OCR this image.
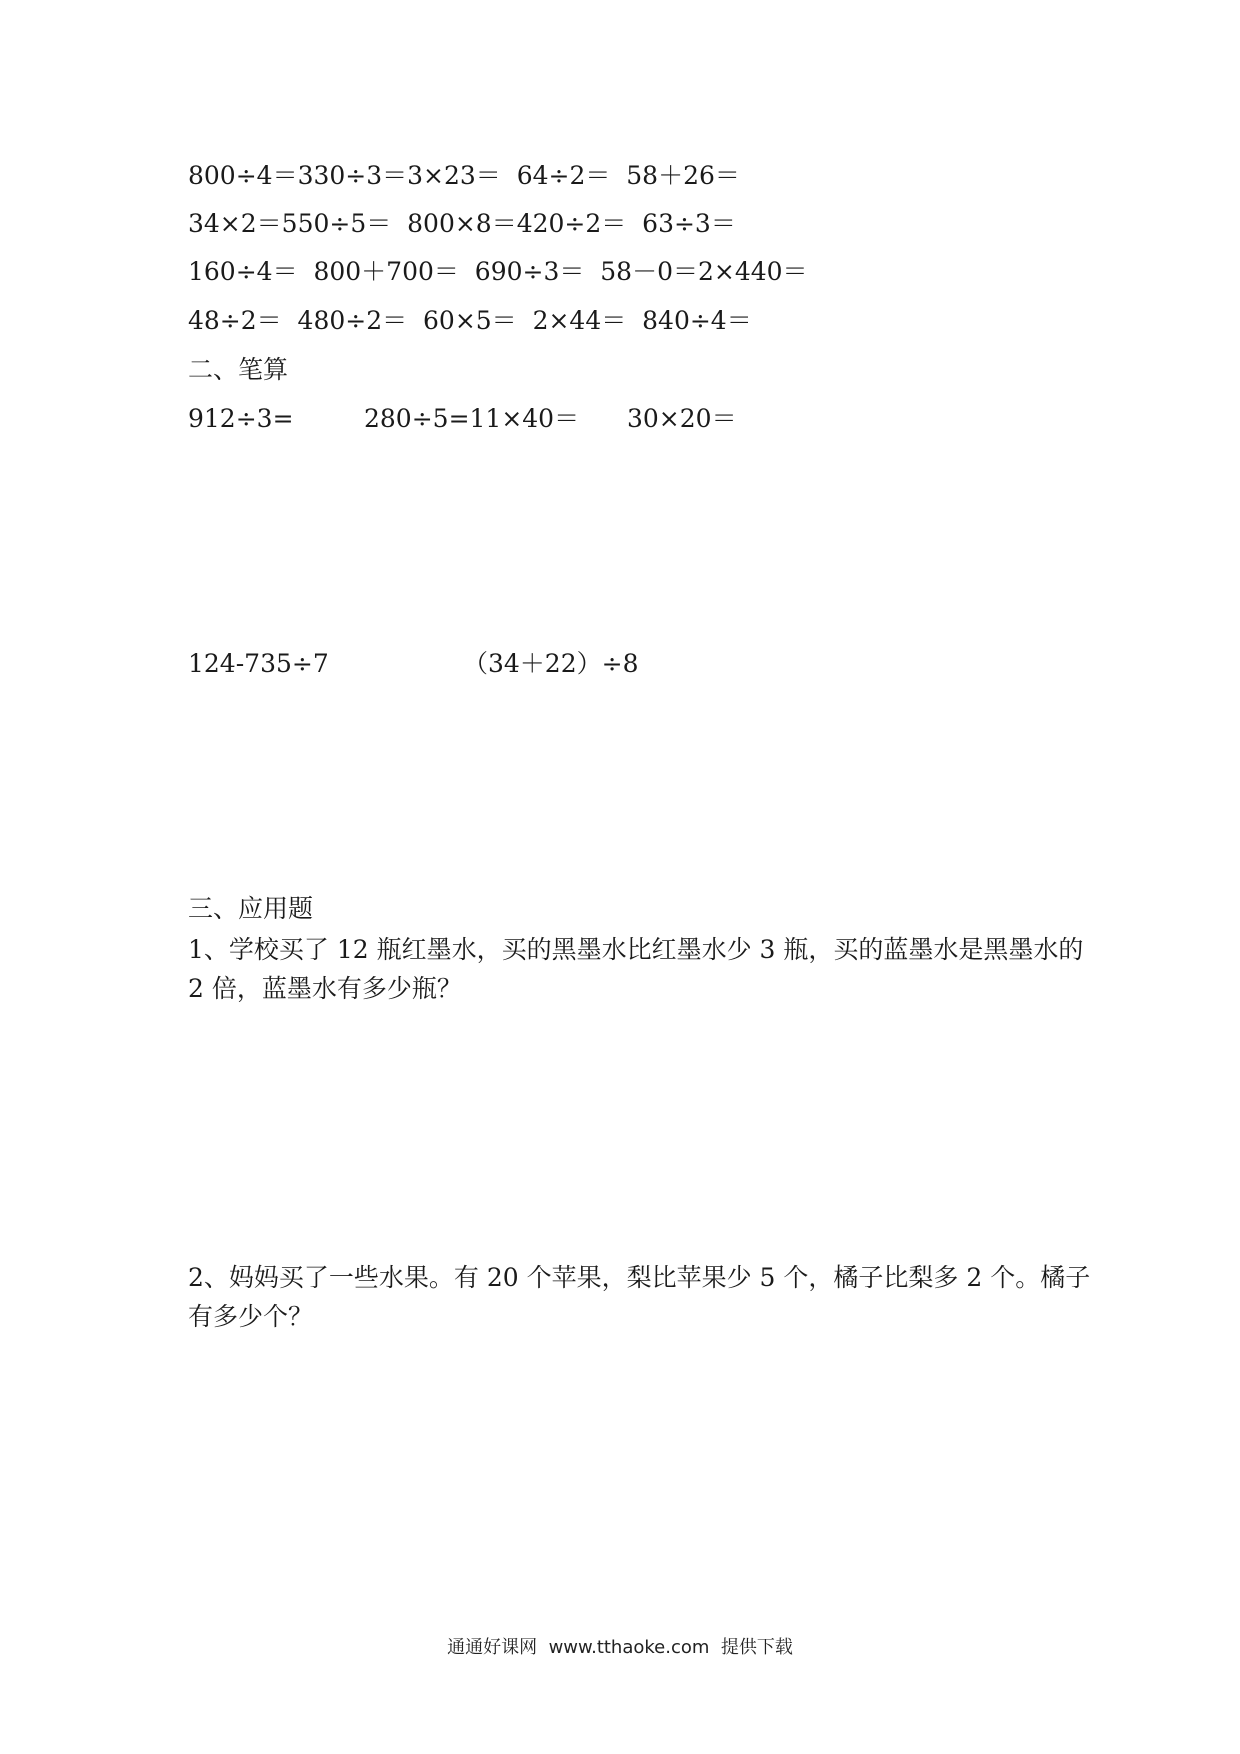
800÷4＝330÷3＝3×23＝  64÷2＝  58＋26＝
34×2＝550÷5＝  800×8＝420÷2＝  63÷3＝
160÷4＝  800＋700＝  690÷3＝  58－0＝2×440＝
48÷2＝  480÷2＝  60×5＝  2×44＝  840÷4＝
二、笔算
912÷3=	280÷5=11×40＝ 30×20＝
124-735÷7	（34＋22）÷8
三、应用题
1、学校买了 12 瓶红墨水，买的黑墨水比红墨水少 3 瓶，买的蓝墨水是黑墨水的
2 倍，蓝墨水有多少瓶？
2、妈妈买了一些水果。有 20 个苹果，梨比苹果少 5 个，橘子比梨多 2 个。橘子
有多少个？
通通好课网  www.tthaoke.com  提供下载
